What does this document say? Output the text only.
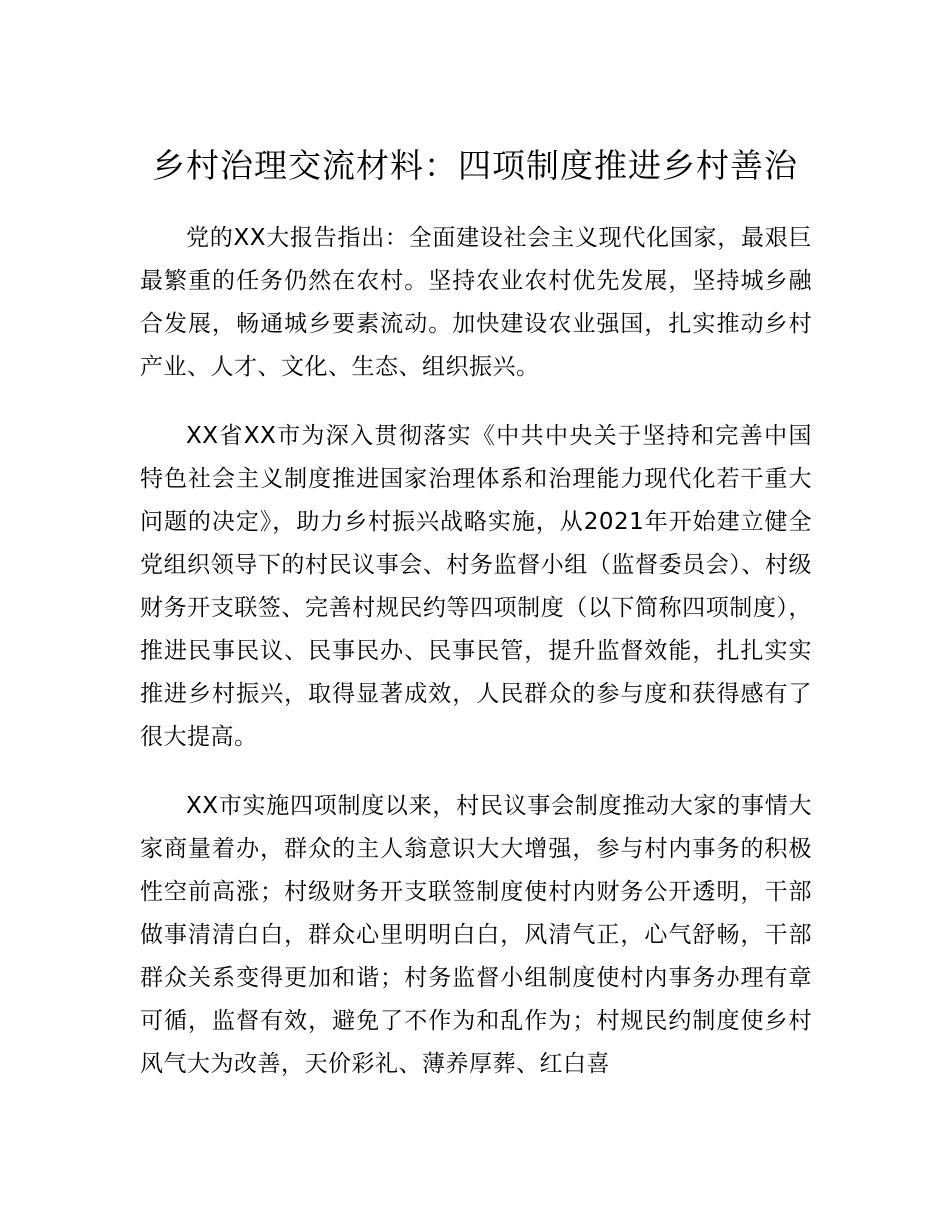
乡村治理交流材料：四项制度推进乡村善治

党的XX大报告指出：全面建设社会主义现代化国家，最艰巨最繁重的任务仍然在农村。坚持农业农村优先发展，坚持城乡融合发展，畅通城乡要素流动。加快建设农业强国，扎实推动乡村产业、人才、文化、生态、组织振兴。

XX省XX市为深入贯彻落实《中共中央关于坚持和完善中国特色社会主义制度推进国家治理体系和治理能力现代化若干重大问题的决定》，助力乡村振兴战略实施，从2021年开始建立健全党组织领导下的村民议事会、村务监督小组（监督委员会）、村级财务开支联签、完善村规民约等四项制度（以下简称四项制度），推进民事民议、民事民办、民事民管，提升监督效能，扎扎实实推进乡村振兴，取得显著成效，人民群众的参与度和获得感有了很大提高。

XX市实施四项制度以来，村民议事会制度推动大家的事情大家商量着办，群众的主人翁意识大大增强，参与村内事务的积极性空前高涨；村级财务开支联签制度使村内财务公开透明，干部做事清清白白，群众心里明明白白，风清气正，心气舒畅，干部群众关系变得更加和谐；村务监督小组制度使村内事务办理有章可循，监督有效，避免了不作为和乱作为；村规民约制度使乡村风气大为改善，天价彩礼、薄养厚葬、红白喜
